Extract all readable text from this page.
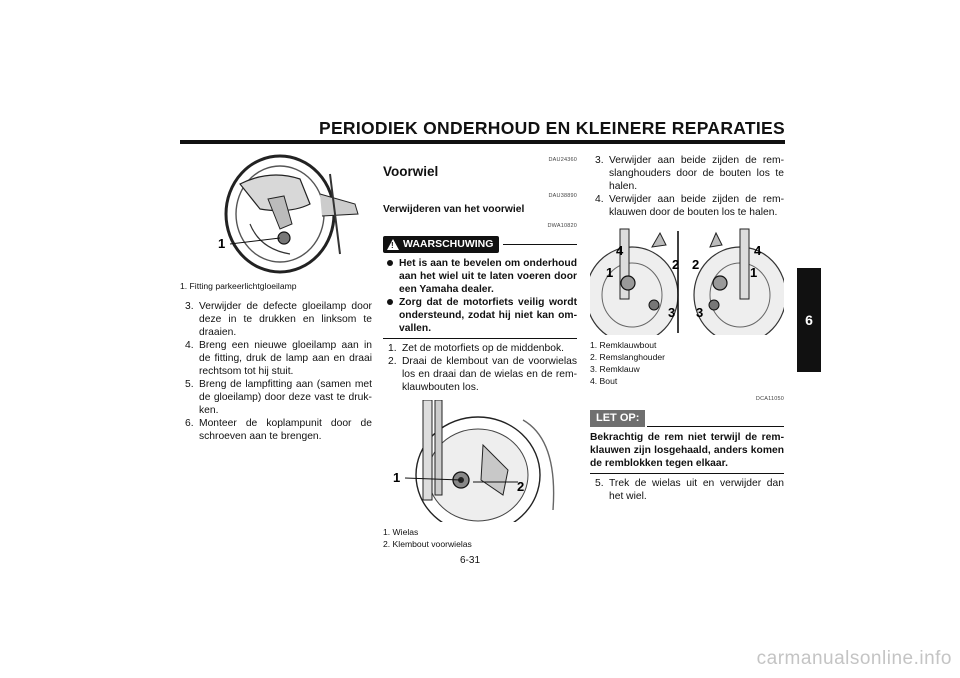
PERIODIEK ONDERHOUD EN KLEINERE REPARATIES
6
1
1. Fitting parkeerlichtgloeilamp
3. Verwijder de defecte gloeilamp door deze in te drukken en linksom te draaien.
4. Breng een nieuwe gloeilamp aan in de fitting, druk de lamp aan en draai rechtsom tot hij stuit.
5. Breng de lampfitting aan (samen met de gloeilamp) door deze vast te druk-ken.
6. Monteer de koplampunit door de schroeven aan te brengen.
DAU24360
Voorwiel
DAU38890
Verwijderen van het voorwiel
DWA10820
!
WAARSCHUWING
Het is aan te bevelen om onderhoud aan het wiel uit te laten voeren door een Yamaha dealer.
Zorg dat de motorfiets veilig wordt ondersteund, zodat hij niet kan om-vallen.
1. Zet de motorfiets op de middenbok.
2. Draai de klembout van de voorwielas los en draai dan de wielas en de rem-klauwbouten los.
1
2
1. Wielas
2. Klembout voorwielas
3. Verwijder aan beide zijden de rem-slanghouders door de bouten los te halen.
4. Verwijder aan beide zijden de rem-klauwen door de bouten los te halen.
4
1
2
3 3
2
4
1
1. Remklauwbout
2. Remslanghouder
3. Remklauw
4. Bout
DCA11050
LET OP:
Bekrachtig de rem niet terwijl de rem-klauwen zijn losgehaald, anders komen de remblokken tegen elkaar.
5. Trek de wielas uit en verwijder dan het wiel.
6-31
carmanualsonline.info
